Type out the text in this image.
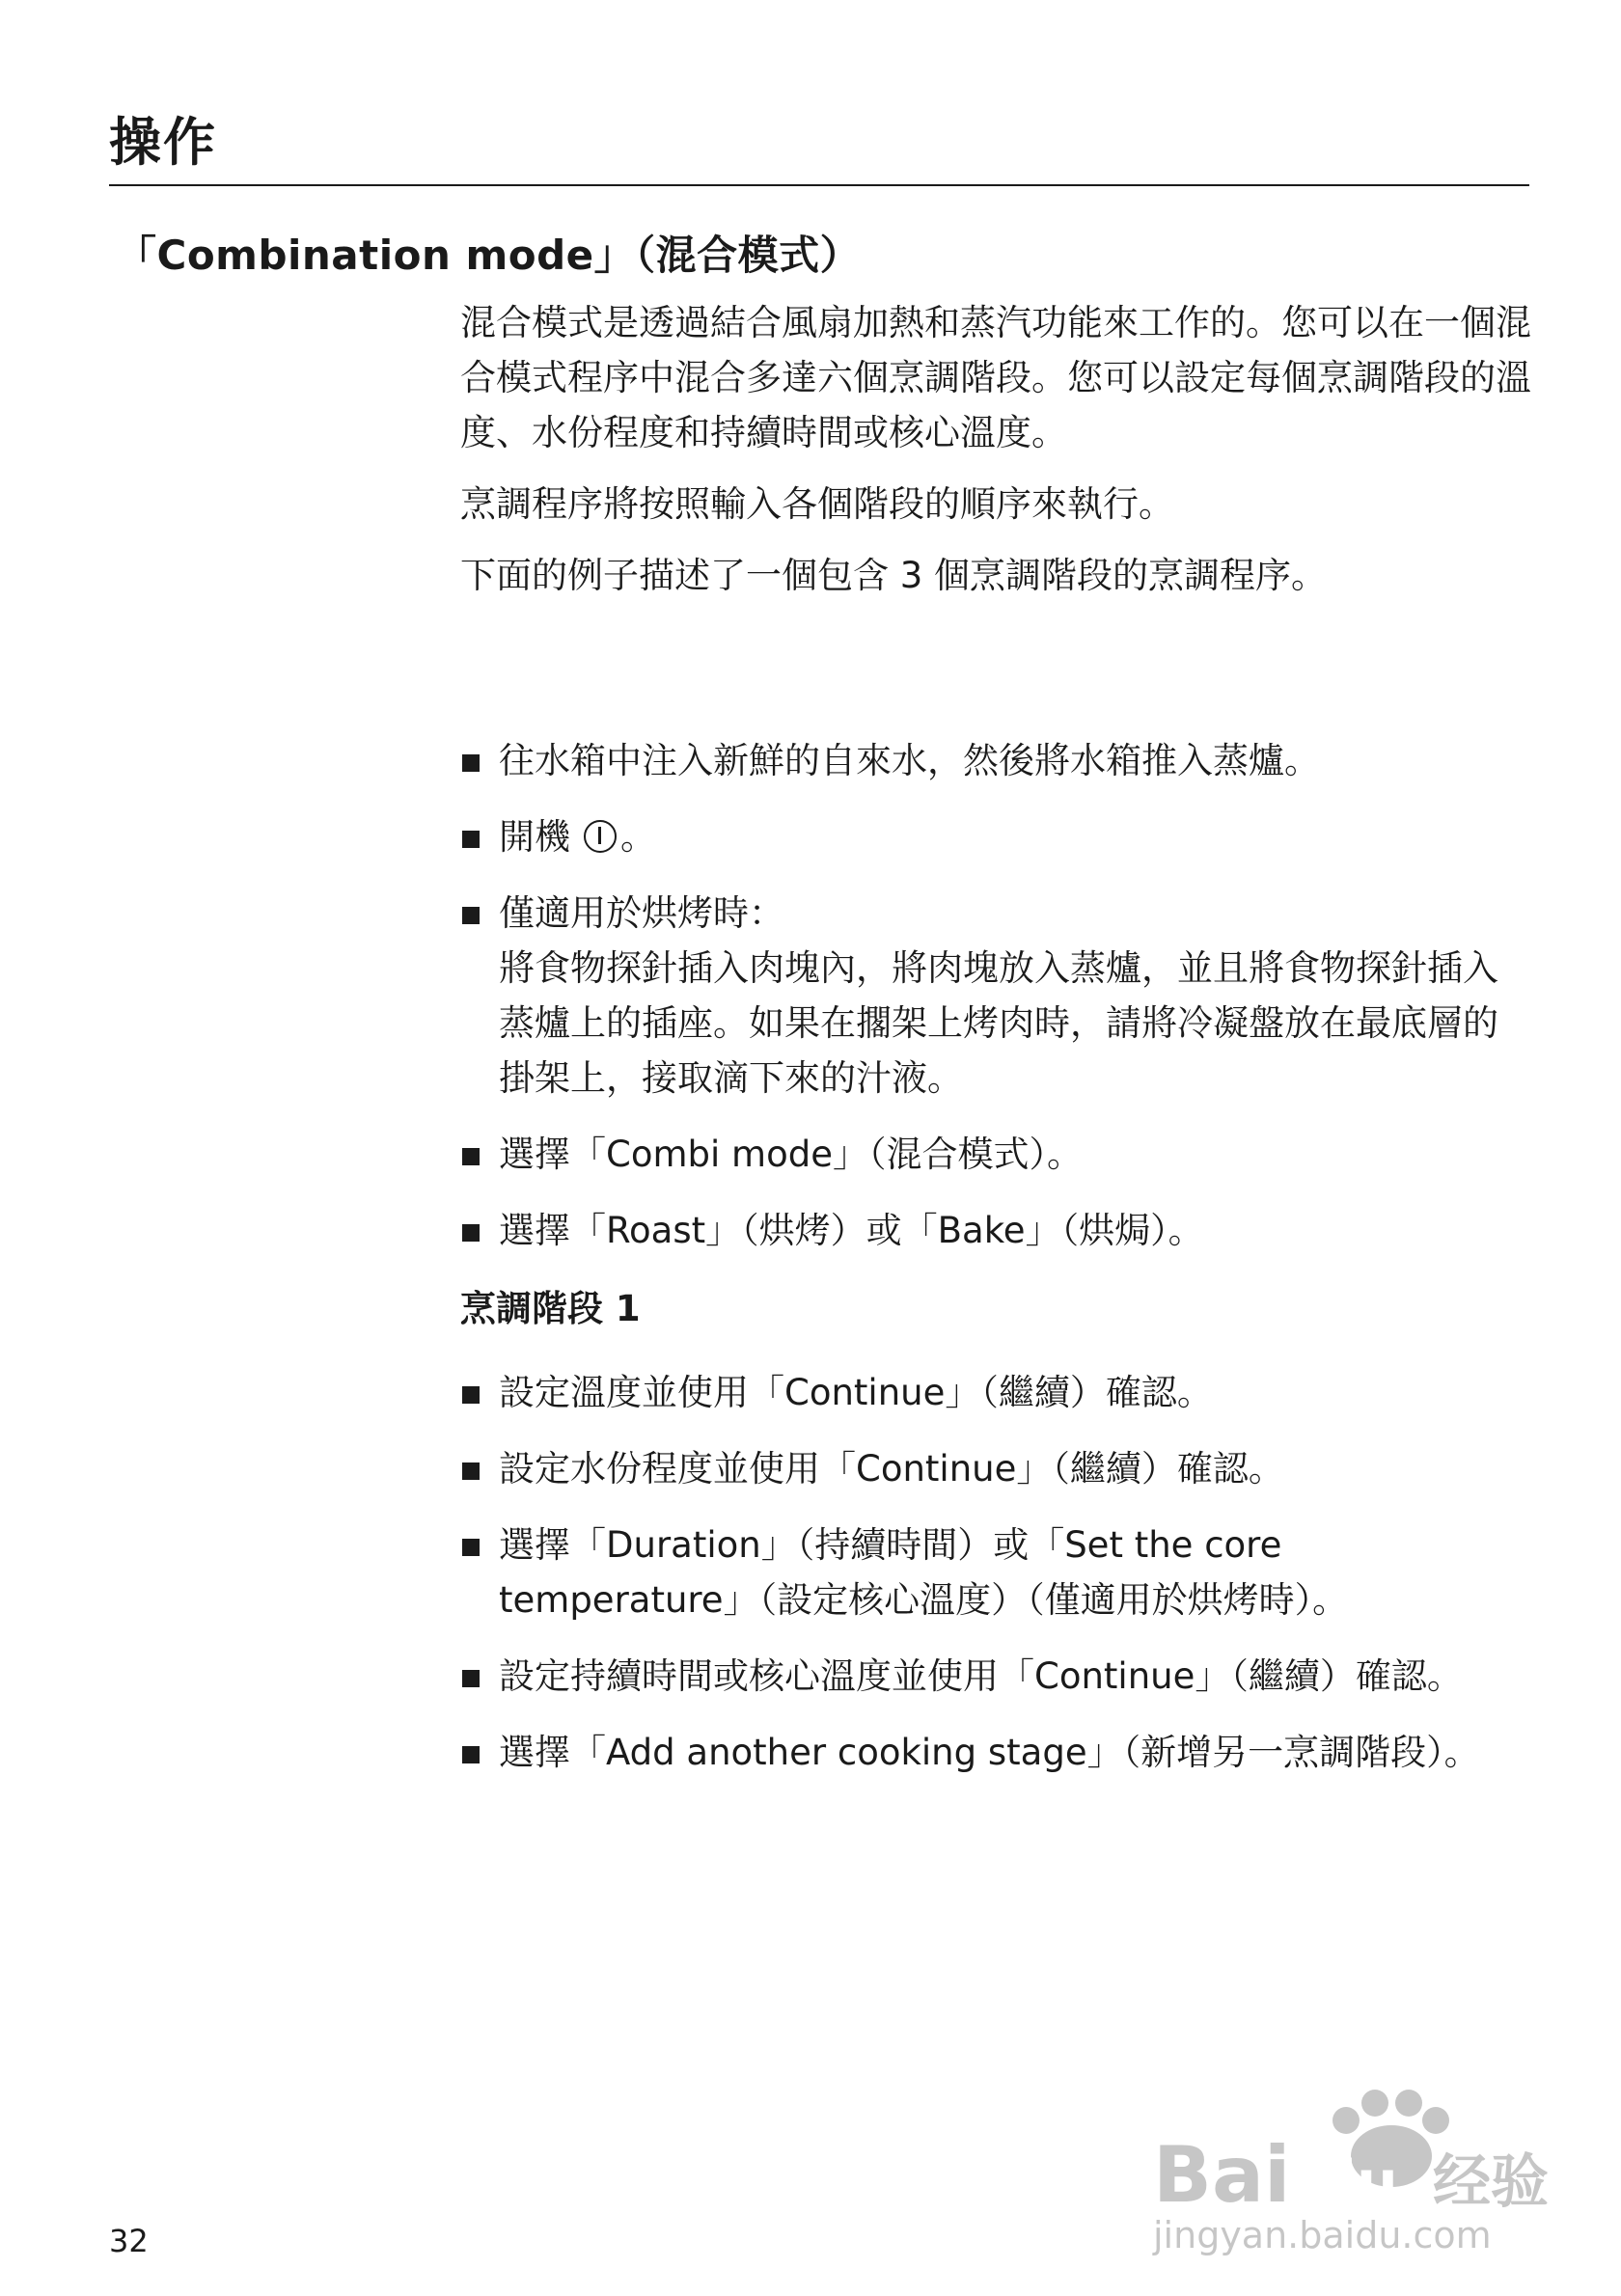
操作
「Combination mode」（混合模式）

混合模式是透過結合風扇加熱和蒸汽功能來工作的。您可以在一個混合模式程序中混合多達六個烹調階段。您可以設定每個烹調階段的溫度、水份程度和持續時間或核心溫度。

烹調程序將按照輸入各個階段的順序來執行。

下面的例子描述了一個包含 3 個烹調階段的烹調程序。

往水箱中注入新鮮的自來水，然後將水箱推入蒸爐。
開機 。
僅適用於烘烤時：
將食物探針插入肉塊內，將肉塊放入蒸爐，並且將食物探針插入蒸爐上的插座。如果在擱架上烤肉時，請將冷凝盤放在最底層的掛架上，接取滴下來的汁液。
選擇「Combi mode」（混合模式）。
選擇「Roast」（烘烤）或「Bake」（烘焗）。
烹調階段 1
設定溫度並使用「Continue」（繼續）確認。
設定水份程度並使用「Continue」（繼續）確認。
選擇「Duration」（持續時間）或「Set the core temperature」（設定核心溫度）（僅適用於烘烤時）。
設定持續時間或核心溫度並使用「Continue」（繼續）確認。
選擇「Add another cooking stage」（新增另一烹調階段）。
32
Bai du 经验
jingyan.baidu.com
